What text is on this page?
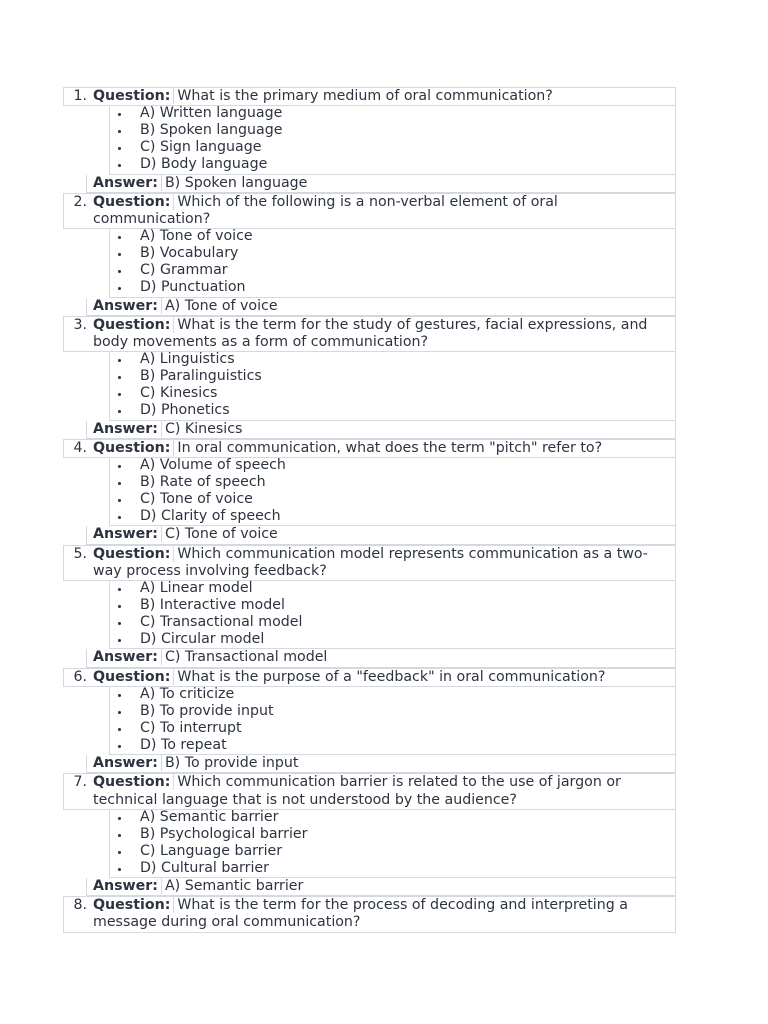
1. Question: What is the primary medium of oral communication?
A) Written language
B) Spoken language
C) Sign language
D) Body language
Answer: B) Spoken language
2. Question: Which of the following is a non-verbal element of oral communication?
A) Tone of voice
B) Vocabulary
C) Grammar
D) Punctuation
Answer: A) Tone of voice
3. Question: What is the term for the study of gestures, facial expressions, and body movements as a form of communication?
A) Linguistics
B) Paralinguistics
C) Kinesics
D) Phonetics
Answer: C) Kinesics
4. Question: In oral communication, what does the term "pitch" refer to?
A) Volume of speech
B) Rate of speech
C) Tone of voice
D) Clarity of speech
Answer: C) Tone of voice
5. Question: Which communication model represents communication as a two-way process involving feedback?
A) Linear model
B) Interactive model
C) Transactional model
D) Circular model
Answer: C) Transactional model
6. Question: What is the purpose of a "feedback" in oral communication?
A) To criticize
B) To provide input
C) To interrupt
D) To repeat
Answer: B) To provide input
7. Question: Which communication barrier is related to the use of jargon or technical language that is not understood by the audience?
A) Semantic barrier
B) Psychological barrier
C) Language barrier
D) Cultural barrier
Answer: A) Semantic barrier
8. Question: What is the term for the process of decoding and interpreting a message during oral communication?
